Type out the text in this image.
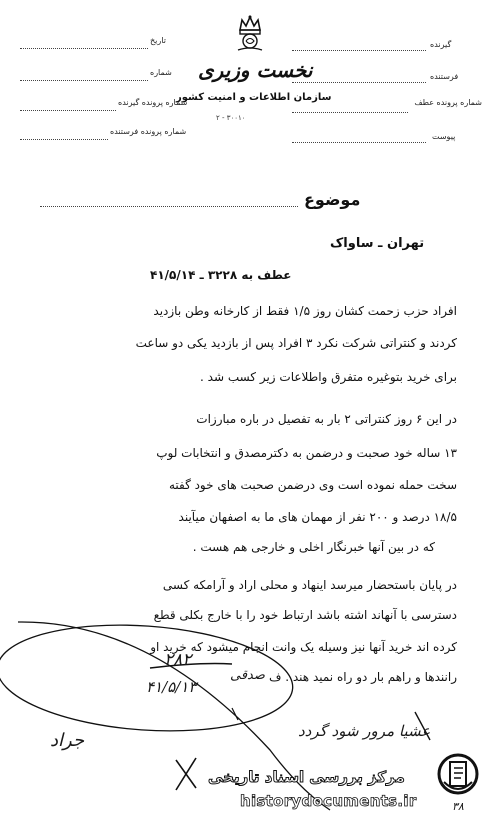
تاریخ
شماره
شماره پرونده گیرنده
شماره پرونده فرستنده
نخست وزیری
سازمان اطلاعات و امنیت کشور
۲ - ۳۰۰۱۰
گیرنده
فرستنده
شماره پرونده عطف
پیوست
موضوع
تهران ـ ساواک
عطف به ۳۲۲۸ ـ ۴۱/۵/۱۴
افراد حزب زحمت کشان روز ۱/۵ فقط از کارخانه وطن بازدید
کردند و کنتراتی شرکت نکرد ۳ افراد پس از بازدید یکی دو ساعت
برای خرید بتوغیره متفرق واطلاعات زیر کسب شد .
در این ۶ روز کنتراتی ۲ بار به تفصیل در باره مبارزات
۱۳ ساله خود صحبت و درضمن به دکترمصدق و انتخابات لوپ
سخت حمله نموده است وی درضمن صحبت های خود گفته
۱۸/۵ درصد و ۲۰۰ نفر از مهمان های ما به اصفهان میآیند
که در بین آنها خبرنگار اخلی و خارجی هم هست .
در پایان باستحضار میرسد اینهاد و محلی اراد و آرامکه کسی
دسترسی با آنهاند اشته باشد ارتباط خود را با خارج بکلی قطع
کرده اند خرید آنها نیز وسیله یک وانت انجام میشود که خرید او
رانندها و راهم بار دو راه نمید هند . ف
۲۸۲
۴۱/۵/۱۳
صدقی
جراد	عشیا مرور شود گردد
۳۸
مرکز بررسی اسناد تاریخی
historydocuments.ir
